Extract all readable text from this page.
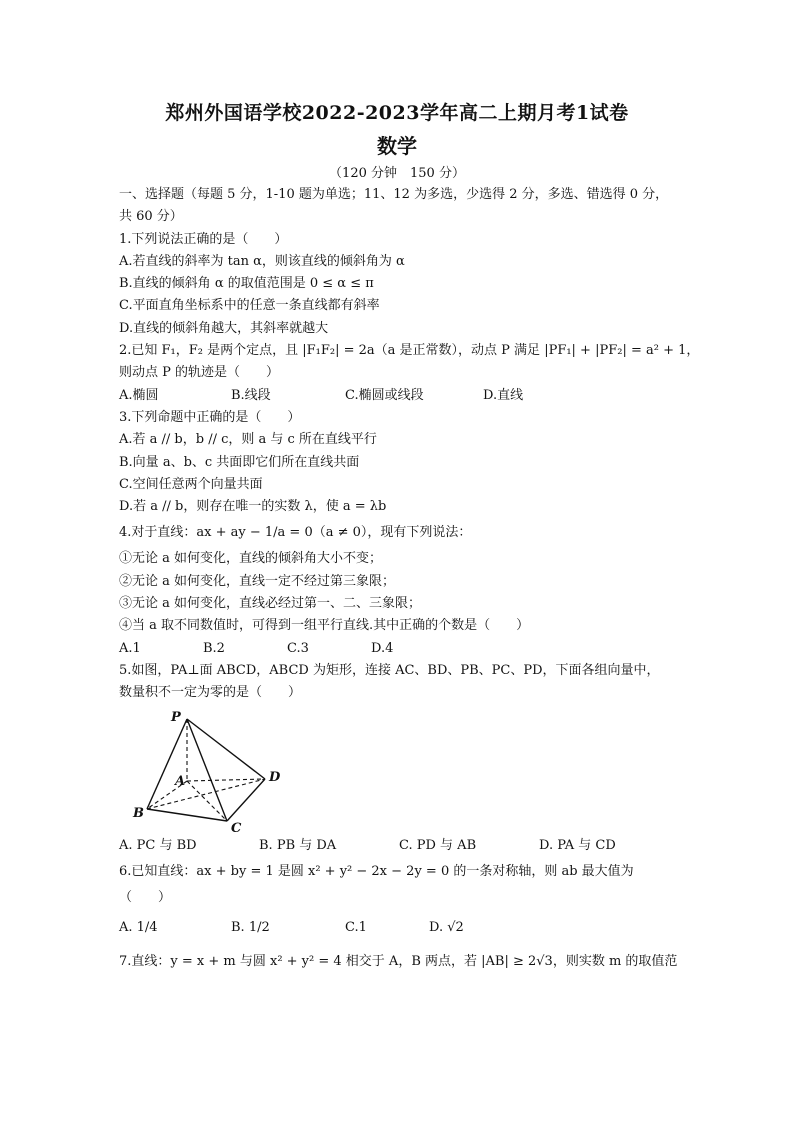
郑州外国语学校2022-2023学年高二上期月考1试卷
数学
（120 分钟　150 分）
一、选择题（每题 5 分，1-10 题为单选；11、12 为多选，少选得 2 分，多选、错选得 0 分，
共 60 分）
1.下列说法正确的是（　　）
A.若直线的斜率为 tan α，则该直线的倾斜角为 α
B.直线的倾斜角 α 的取值范围是 0 ≤ α ≤ π
C.平面直角坐标系中的任意一条直线都有斜率
D.直线的倾斜角越大，其斜率就越大
2.已知 F₁，F₂ 是两个定点，且 |F₁F₂| = 2a（a 是正常数），动点 P 满足 |PF₁| + |PF₂| = a² + 1，
则动点 P 的轨迹是（　　）
A.椭圆	B.线段	C.椭圆或线段	D.直线
3.下列命题中正确的是（　　）
A.若 a // b，b // c，则 a 与 c 所在直线平行
B.向量 a、b、c 共面即它们所在直线共面
C.空间任意两个向量共面
D.若 a // b，则存在唯一的实数 λ，使 a = λb
4.对于直线：ax + ay − 1/a = 0（a ≠ 0），现有下列说法：
①无论 a 如何变化，直线的倾斜角大小不变；
②无论 a 如何变化，直线一定不经过第三象限；
③无论 a 如何变化，直线必经过第一、二、三象限；
④当 a 取不同数值时，可得到一组平行直线.其中正确的个数是（　　）
A.1	B.2	C.3	D.4
5.如图，PA⊥面 ABCD，ABCD 为矩形，连接 AC、BD、PB、PC、PD，下面各组向量中，
数量积不一定为零的是（　　）
P
A
B
C
D
A. PC 与 BD	B. PB 与 DA	C. PD 与 AB	D. PA 与 CD
6.已知直线：ax + by = 1 是圆 x² + y² − 2x − 2y = 0 的一条对称轴，则 ab 最大值为
（　　）
A. 1/4	B. 1/2	C.1	D. √2
7.直线：y = x + m 与圆 x² + y² = 4 相交于 A，B 两点，若 |AB| ≥ 2√3，则实数 m 的取值范
